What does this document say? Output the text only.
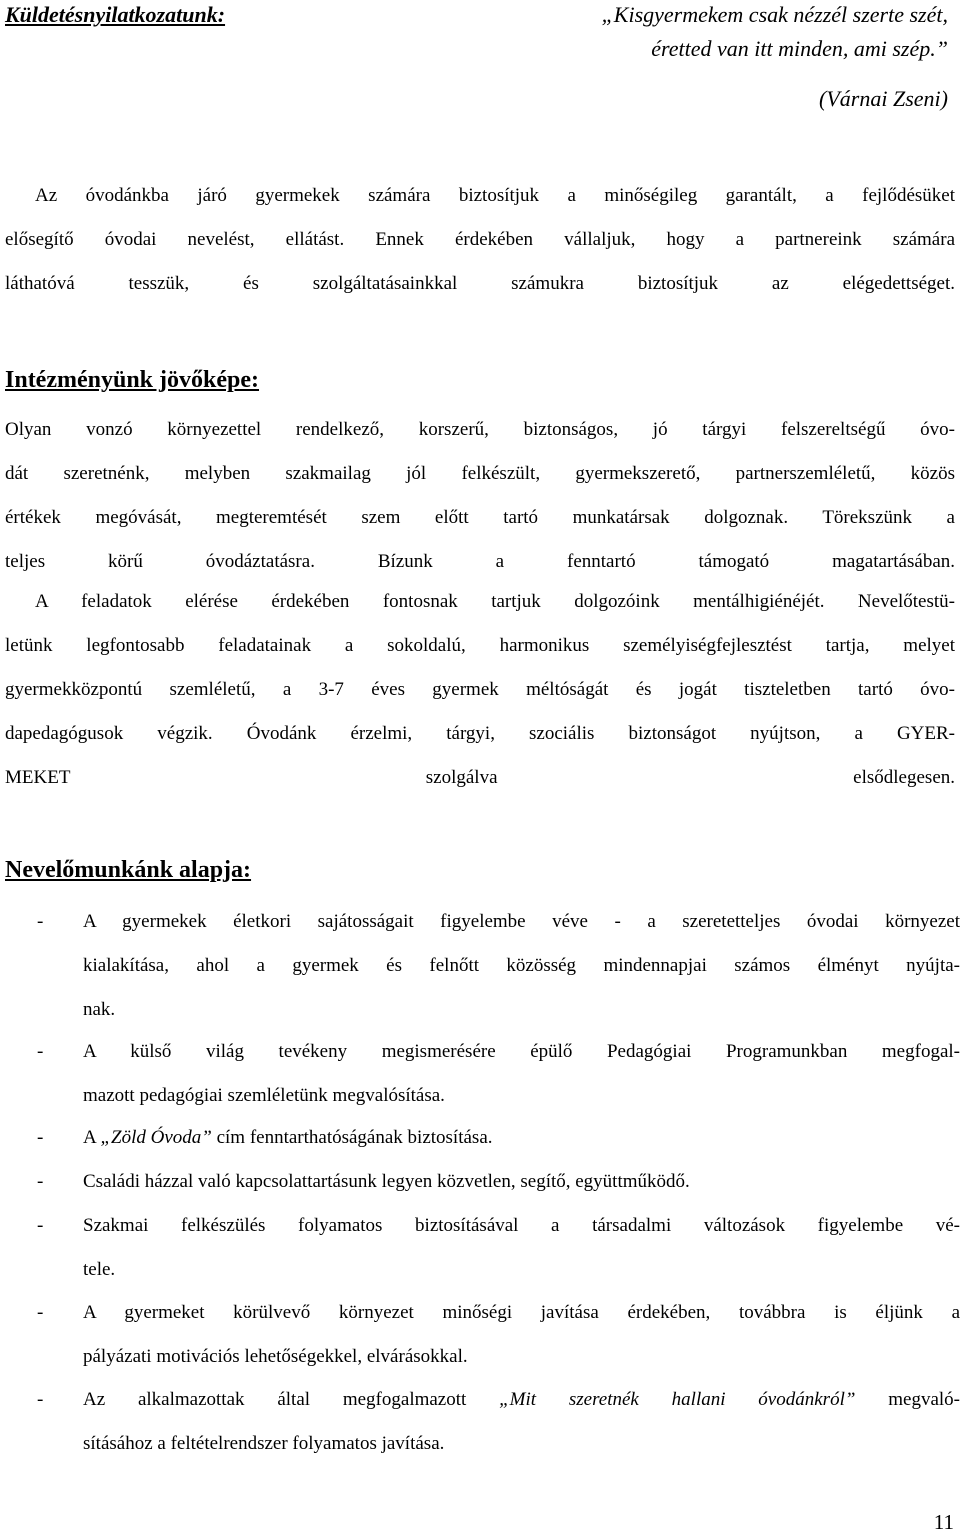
Küldetésnyilatkozatunk:	„Kisgyermekem csak nézzél szerte szét,
éretted van itt minden, ami szép.”
(Várnai Zseni)
Az óvodánkba járó gyermekek számára biztosítjuk a minőségileg garantált, a fejlődésüket
elősegítő óvodai nevelést, ellátást. Ennek érdekében vállaljuk, hogy a partnereink számára
láthatóvá tesszük, és szolgáltatásainkkal számukra biztosítjuk az elégedettséget.
Intézményünk jövőképe:
Olyan vonzó környezettel rendelkező, korszerű, biztonságos, jó tárgyi felszereltségű óvo-
dát szeretnénk, melyben szakmailag jól felkészült, gyermekszerető, partnerszemléletű, közös
értékek megóvását, megteremtését szem előtt tartó munkatársak dolgoznak. Törekszünk a
teljes körű óvodáztatásra. Bízunk a fenntartó támogató magatartásában.
A feladatok elérése érdekében fontosnak tartjuk dolgozóink mentálhigiénéjét. Nevelőtestü-
letünk legfontosabb feladatainak a sokoldalú, harmonikus személyiségfejlesztést tartja, melyet
gyermekközpontú szemléletű, a 3-7 éves gyermek méltóságát és jogát tiszteletben tartó óvo-
dapedagógusok végzik. Óvodánk érzelmi, tárgyi, szociális biztonságot nyújtson, a GYER-
MEKET szolgálva elsődlegesen.
Nevelőmunkánk alapja:
- A gyermekek életkori sajátosságait figyelembe véve - a szeretetteljes óvodai környezet
kialakítása, ahol a gyermek és felnőtt közösség mindennapjai számos élményt nyújta-
nak.
- A külső világ tevékeny megismerésére épülő Pedagógiai Programunkban megfogal-
mazott pedagógiai szemléletünk megvalósítása.
- A „Zöld Óvoda” cím fenntarthatóságának biztosítása.
- Családi házzal való kapcsolattartásunk legyen közvetlen, segítő, együttműködő.
- Szakmai felkészülés folyamatos biztosításával a társadalmi változások figyelembe vé-
tele.
- A gyermeket körülvevő környezet minőségi javítása érdekében, továbbra is éljünk a
pályázati motivációs lehetőségekkel, elvárásokkal.
- Az alkalmazottak által megfogalmazott „Mit szeretnék hallani óvodánkról” megvaló-
sításához a feltételrendszer folyamatos javítása.
11
